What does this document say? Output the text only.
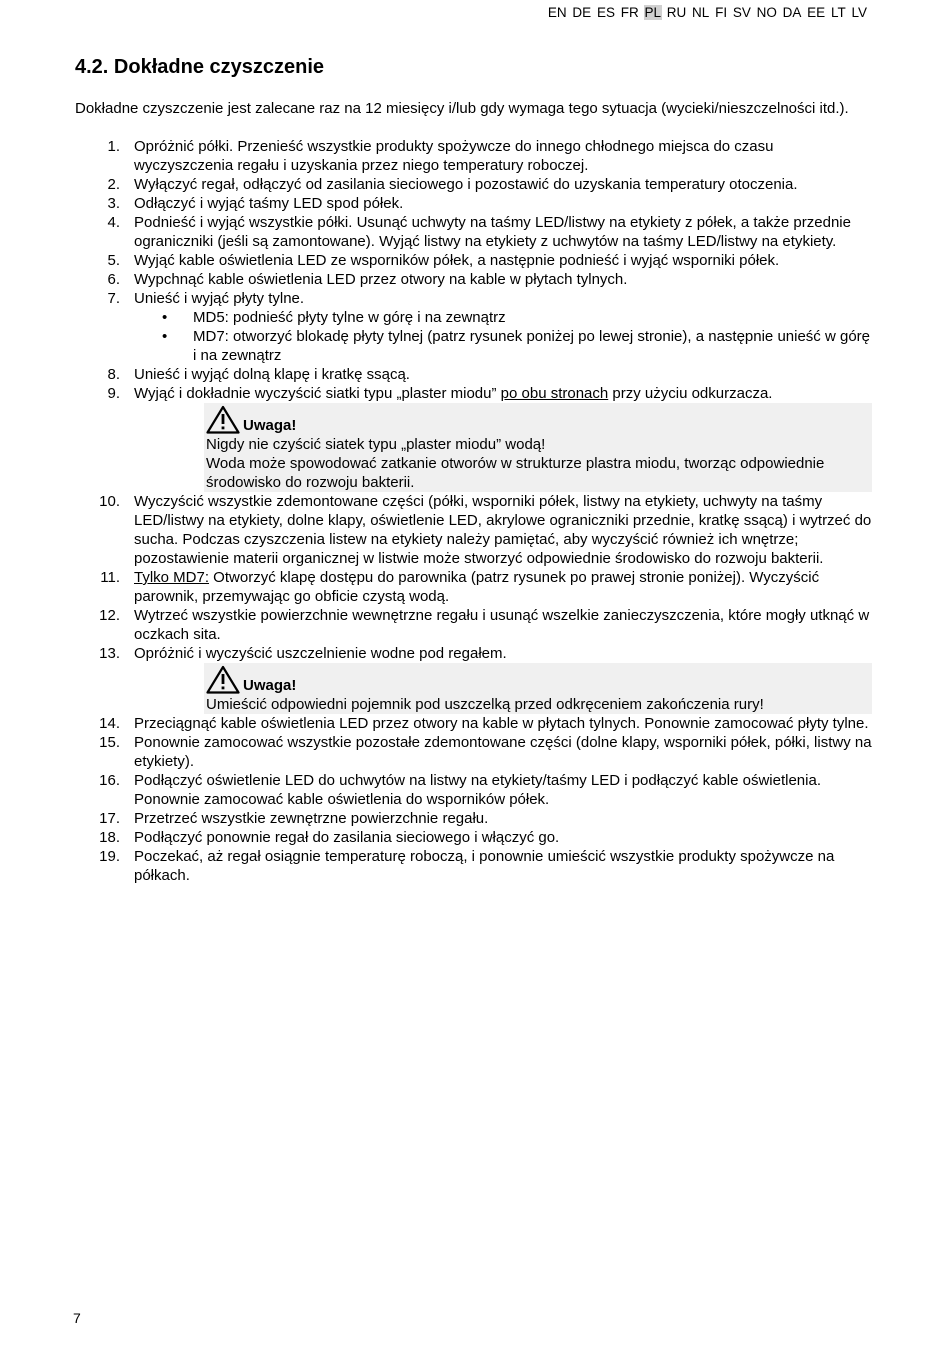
EN DE ES FR PL RU NL FI SV NO DA EE LT LV
4.2. Dokładne czyszczenie

Dokładne czyszczenie jest zalecane raz na 12 miesięcy i/lub gdy wymaga tego sytuacja (wycieki/nieszczelności itd.).

1. Opróżnić półki. Przenieść wszystkie produkty spożywcze do innego chłodnego miejsca do czasu wyczyszczenia regału i uzyskania przez niego temperatury roboczej.
2. Wyłączyć regał, odłączyć od zasilania sieciowego i pozostawić do uzyskania temperatury otoczenia.
3. Odłączyć i wyjąć taśmy LED spod półek.
4. Podnieść i wyjąć wszystkie półki. Usunąć uchwyty na taśmy LED/listwy na etykiety z półek, a także przednie ograniczniki (jeśli są zamontowane). Wyjąć listwy na etykiety z uchwytów na taśmy LED/listwy na etykiety.
5. Wyjąć kable oświetlenia LED ze wsporników półek, a następnie podnieść i wyjąć wsporniki półek.
6. Wypchnąć kable oświetlenia LED przez otwory na kable w płytach tylnych.
7. Unieść i wyjąć płyty tylne.
• MD5: podnieść płyty tylne w górę i na zewnątrz
• MD7: otworzyć blokadę płyty tylnej (patrz rysunek poniżej po lewej stronie), a następnie unieść w górę i na zewnątrz
8. Unieść i wyjąć dolną klapę i kratkę ssącą.
9. Wyjąć i dokładnie wyczyścić siatki typu „plaster miodu” po obu stronach przy użyciu odkurzacza.
Uwaga!
Nigdy nie czyścić siatek typu „plaster miodu” wodą!
Woda może spowodować zatkanie otworów w strukturze plastra miodu, tworząc odpowiednie środowisko do rozwoju bakterii.
10. Wyczyścić wszystkie zdemontowane części (półki, wsporniki półek, listwy na etykiety, uchwyty na taśmy LED/listwy na etykiety, dolne klapy, oświetlenie LED, akrylowe ograniczniki przednie, kratkę ssącą) i wytrzeć do sucha. Podczas czyszczenia listew na etykiety należy pamiętać, aby wyczyścić również ich wnętrze; pozostawienie materii organicznej w listwie może stworzyć odpowiednie środowisko do rozwoju bakterii.
11. Tylko MD7: Otworzyć klapę dostępu do parownika (patrz rysunek po prawej stronie poniżej). Wyczyścić parownik, przemywając go obficie czystą wodą.
12. Wytrzeć wszystkie powierzchnie wewnętrzne regału i usunąć wszelkie zanieczyszczenia, które mogły utknąć w oczkach sita.
13. Opróżnić i wyczyścić uszczelnienie wodne pod regałem.
Uwaga!
Umieścić odpowiedni pojemnik pod uszczelką przed odkręceniem zakończenia rury!
14. Przeciągnąć kable oświetlenia LED przez otwory na kable w płytach tylnych. Ponownie zamocować płyty tylne.
15. Ponownie zamocować wszystkie pozostałe zdemontowane części (dolne klapy, wsporniki półek, półki, listwy na etykiety).
16. Podłączyć oświetlenie LED do uchwytów na listwy na etykiety/taśmy LED i podłączyć kable oświetlenia. Ponownie zamocować kable oświetlenia do wsporników półek.
17. Przetrzeć wszystkie zewnętrzne powierzchnie regału.
18. Podłączyć ponownie regał do zasilania sieciowego i włączyć go.
19. Poczekać, aż regał osiągnie temperaturę roboczą, i ponownie umieścić wszystkie produkty spożywcze na półkach.
7
